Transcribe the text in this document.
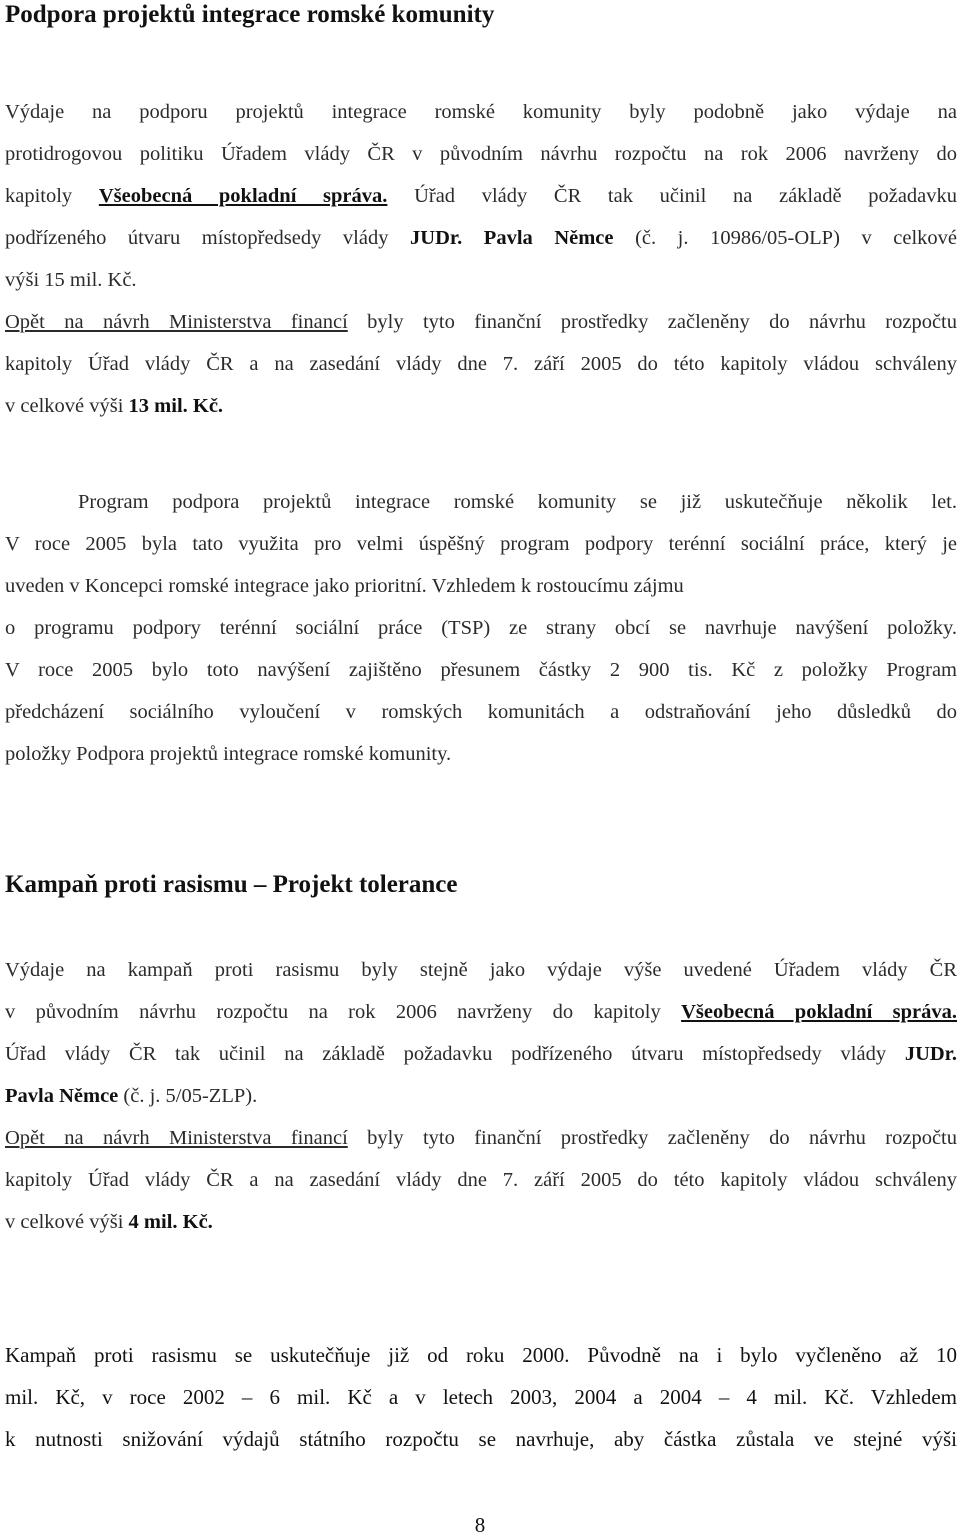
Podpora projektů integrace romské komunity
Výdaje na podporu projektů integrace romské komunity byly podobně jako výdaje na
protidrogovou politiku Úřadem vlády ČR v původním návrhu rozpočtu na rok 2006 navrženy do
kapitoly Všeobecná pokladní správa. Úřad vlády ČR tak učinil na základě požadavku
podřízeného útvaru místopředsedy vlády JUDr. Pavla Němce (č. j. 10986/05-OLP) v celkové
výši 15 mil. Kč.
Opět na návrh Ministerstva financí byly tyto finanční prostředky začleněny do návrhu rozpočtu
kapitoly Úřad vlády ČR a na zasedání vlády dne 7. září 2005 do této kapitoly vládou schváleny
v celkové výši 13 mil. Kč.
Program podpora projektů integrace romské komunity se již uskutečňuje několik let.
V roce 2005 byla tato využita pro velmi úspěšný program podpory terénní sociální práce, který je
uveden v Koncepci romské integrace jako prioritní. Vzhledem k rostoucímu zájmu
o programu podpory terénní sociální práce (TSP) ze strany obcí se navrhuje navýšení položky.
V roce 2005 bylo toto navýšení zajištěno přesunem částky 2 900 tis. Kč z položky Program
předcházení sociálního vyloučení v romských komunitách a odstraňování jeho důsledků do
položky Podpora projektů integrace romské komunity.
Kampaň proti rasismu – Projekt tolerance
Výdaje na kampaň proti rasismu byly stejně jako výdaje výše uvedené Úřadem vlády ČR
v původním návrhu rozpočtu na rok 2006 navrženy do kapitoly Všeobecná pokladní správa.
Úřad vlády ČR tak učinil na základě požadavku podřízeného útvaru místopředsedy vlády JUDr.
Pavla Němce (č. j. 5/05-ZLP).
Opět na návrh Ministerstva financí byly tyto finanční prostředky začleněny do návrhu rozpočtu
kapitoly Úřad vlády ČR a na zasedání vlády dne 7. září 2005 do této kapitoly vládou schváleny
v celkové výši 4 mil. Kč.
Kampaň proti rasismu se uskutečňuje již od roku 2000. Původně na i bylo vyčleněno až 10
mil. Kč, v roce 2002 – 6 mil. Kč a v letech 2003, 2004 a 2004 – 4 mil. Kč. Vzhledem
k nutnosti snižování výdajů státního rozpočtu se navrhuje, aby částka zůstala ve stejné výši
8
